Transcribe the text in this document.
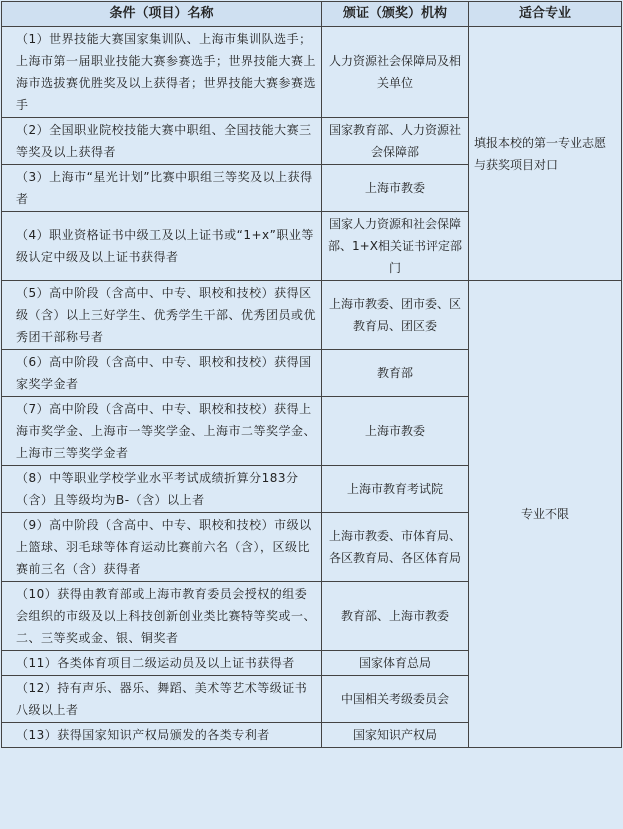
条件（项目）名称	颁证（颁奖）机构	适合专业
（1）世界技能大赛国家集训队、上海市集训队选手；上海市第一届职业技能大赛参赛选手；世界技能大赛上海市选拔赛优胜奖及以上获得者；世界技能大赛参赛选手	人力资源社会保障局及相关单位	填报本校的第一专业志愿与获奖项目对口
（2）全国职业院校技能大赛中职组、全国技能大赛三等奖及以上获得者	国家教育部、人力资源社会保障部	
（3）上海市“星光计划”比赛中职组三等奖及以上获得者	上海市教委	
（4）职业资格证书中级工及以上证书或“1+x”职业等级认定中级及以上证书获得者	国家人力资源和社会保障部、1+X相关证书评定部门	
（5）高中阶段（含高中、中专、职校和技校）获得区级（含）以上三好学生、优秀学生干部、优秀团员或优秀团干部称号者	上海市教委、团市委、区教育局、团区委	专业不限
（6）高中阶段（含高中、中专、职校和技校）获得国家奖学金者	教育部	
（7）高中阶段（含高中、中专、职校和技校）获得上海市奖学金、上海市一等奖学金、上海市二等奖学金、上海市三等奖学金者	上海市教委	
（8）中等职业学校学业水平考试成绩折算分183分（含）且等级均为B-（含）以上者	上海市教育考试院	
（9）高中阶段（含高中、中专、职校和技校）市级以上篮球、羽毛球等体育运动比赛前六名（含），区级比赛前三名（含）获得者	上海市教委、市体育局、各区教育局、各区体育局	
（10）获得由教育部或上海市教育委员会授权的组委会组织的市级及以上科技创新创业类比赛特等奖或一、二、三等奖或金、银、铜奖者	教育部、上海市教委	
（11）各类体育项目二级运动员及以上证书获得者	国家体育总局	
（12）持有声乐、器乐、舞蹈、美术等艺术等级证书八级以上者	中国相关考级委员会	
（13）获得国家知识产权局颁发的各类专利者	国家知识产权局	
